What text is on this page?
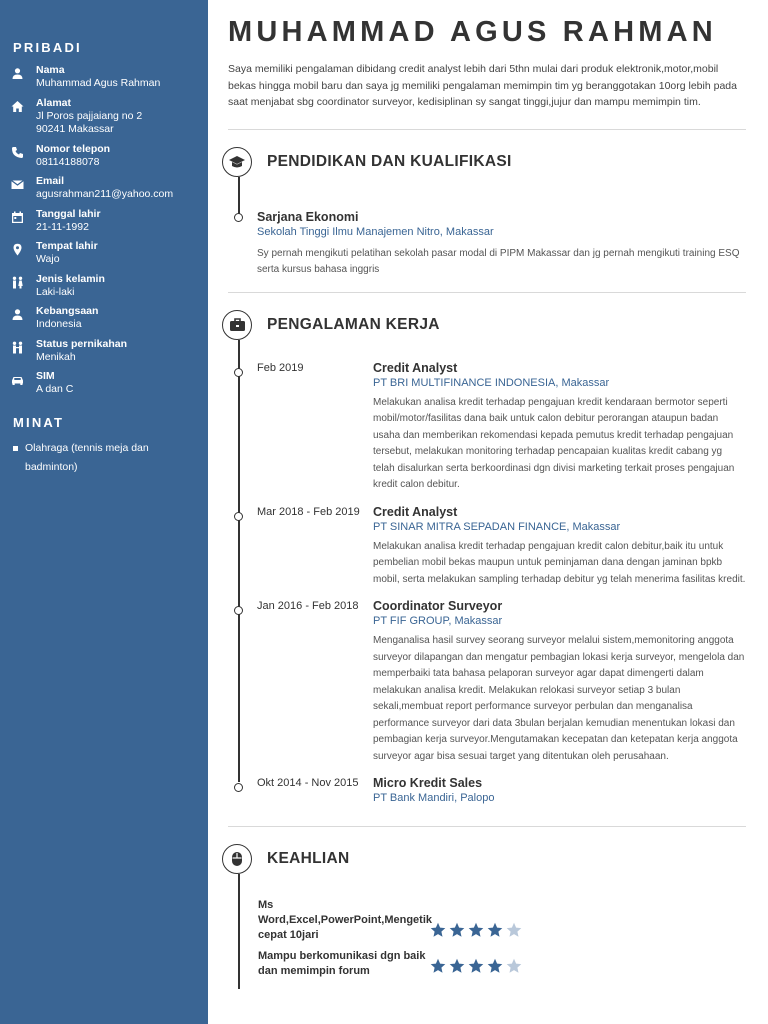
PRIBADI
Nama
Muhammad Agus Rahman
Alamat
Jl Poros pajjaiang no 2
90241 Makassar
Nomor telepon
08114188078
Email
agusrahman211@yahoo.com
Tanggal lahir
21-11-1992
Tempat lahir
Wajo
Jenis kelamin
Laki-laki
Kebangsaan
Indonesia
Status pernikahan
Menikah
SIM
A dan C
MINAT
Olahraga (tennis meja dan badminton)
MUHAMMAD AGUS RAHMAN
Saya memiliki pengalaman dibidang credit analyst lebih dari 5thn mulai dari produk elektronik,motor,mobil bekas hingga mobil baru dan saya jg memiliki pengalaman memimpin tim yg beranggotakan 10org lebih pada saat menjabat sbg coordinator surveyor, kedisiplinan sy sangat tinggi,jujur dan mampu memimpin tim.
PENDIDIKAN DAN KUALIFIKASI
Sarjana Ekonomi
Sekolah Tinggi Ilmu Manajemen Nitro, Makassar
Sy pernah mengikuti pelatihan sekolah pasar modal di PIPM Makassar dan jg pernah mengikuti training ESQ serta kursus bahasa inggris
PENGALAMAN KERJA
Feb 2019	Credit Analyst
PT BRI MULTIFINANCE INDONESIA, Makassar
Melakukan analisa kredit terhadap pengajuan kredit kendaraan bermotor seperti mobil/motor/fasilitas dana baik untuk calon debitur perorangan ataupun badan usaha dan memberikan rekomendasi kepada pemutus kredit terhadap pengajuan tersebut, melakukan monitoring terhadap pencapaian kualitas kredit cabang yg telah disalurkan serta berkoordinasi dgn divisi marketing terkait proses pengajuan kredit calon debitur.
Mar 2018 - Feb 2019 Credit Analyst
PT SINAR MITRA SEPADAN FINANCE, Makassar
Melakukan analisa kredit terhadap pengajuan kredit calon debitur,baik itu untuk pembelian mobil bekas maupun untuk peminjaman dana dengan jaminan bpkb mobil, serta melakukan sampling terhadap debitur yg telah menerima fasilitas kredit.
Jan 2016 - Feb 2018 Coordinator Surveyor
PT FIF GROUP, Makassar
Menganalisa hasil survey seorang surveyor melalui sistem,memonitoring anggota surveyor dilapangan dan mengatur pembagian lokasi kerja surveyor, mengelola dan memperbaiki tata bahasa pelaporan surveyor agar dapat dimengerti dalam melakukan analisa kredit. Melakukan relokasi surveyor setiap 3 bulan sekali,membuat report performance surveyor perbulan dan menganalisa performance surveyor dari data 3bulan berjalan kemudian menentukan lokasi dan pembagian kerja surveyor.Mengutamakan kecepatan dan ketepatan kerja anggota surveyor agar bisa sesuai target yang ditentukan oleh perusahaan.
Okt 2014 - Nov 2015 Micro Kredit Sales
PT Bank Mandiri, Palopo
KEAHLIAN
Ms Word,Excel,PowerPoint,Mengetik cepat 10jari
Mampu berkomunikasi dgn baik dan memimpin forum
